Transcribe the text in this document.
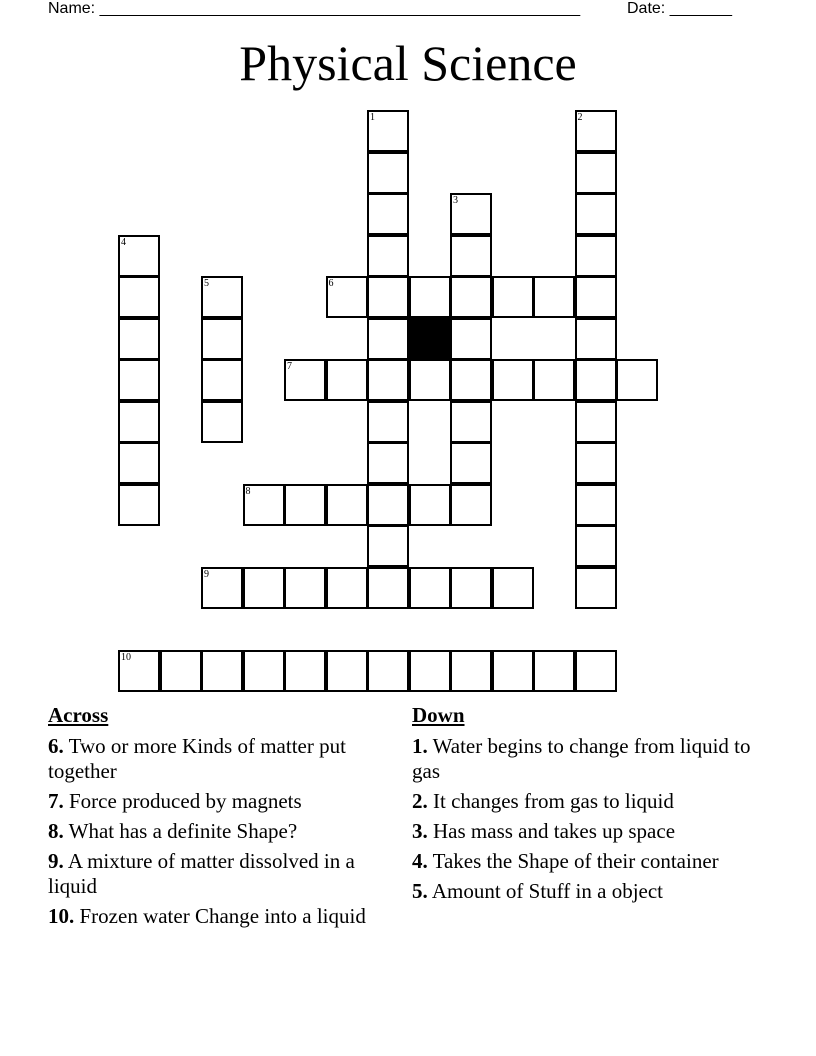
Name: ______________________________________________________	Date: _______
Physical Science
1	2
3
4
5	6
7
8
9
10
Across
6. Two or more Kinds of matter put together
7. Force produced by magnets
8. What has a definite Shape?
9. A mixture of matter dissolved in a liquid
10. Frozen water Change into a liquid
Down
1. Water begins to change from liquid to gas
2. It changes from gas to liquid
3. Has mass and takes up space
4. Takes the Shape of their container
5. Amount of Stuff in a object
